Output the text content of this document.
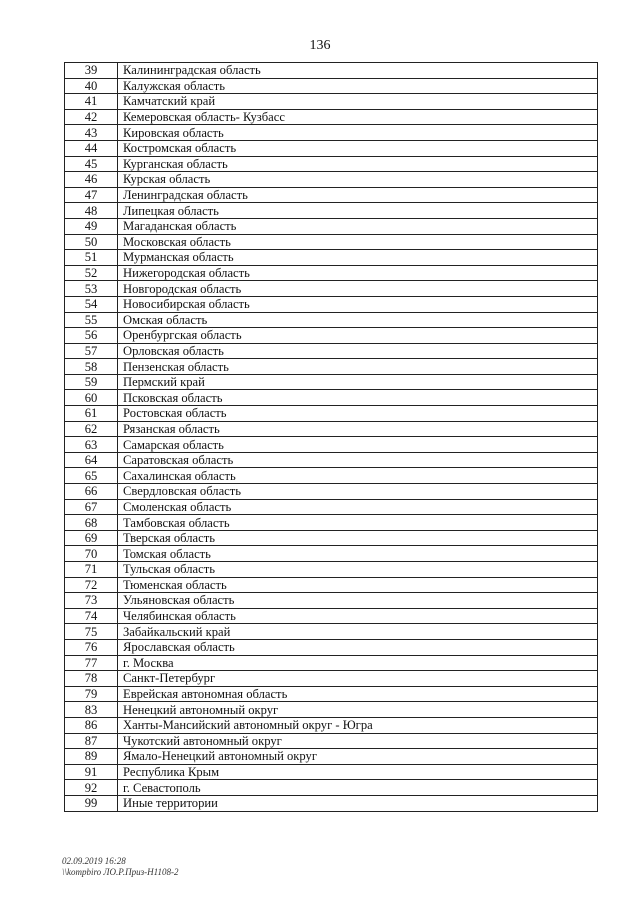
136
39	Калининградская область
40	Калужская область
41	Камчатский край
42	Кемеровская область- Кузбасс
43	Кировская область
44	Костромская область
45	Курганская область
46	Курская область
47	Ленинградская область
48	Липецкая область
49	Магаданская область
50	Московская область
51	Мурманская область
52	Нижегородская область
53	Новгородская область
54	Новосибирская область
55	Омская область
56	Оренбургская область
57	Орловская область
58	Пензенская область
59	Пермский край
60	Псковская область
61	Ростовская область
62	Рязанская область
63	Самарская область
64	Саратовская область
65	Сахалинская область
66	Свердловская область
67	Смоленская область
68	Тамбовская область
69	Тверская область
70	Томская область
71	Тульская область
72	Тюменская область
73	Ульяновская область
74	Челябинская область
75	Забайкальский край
76	Ярославская область
77	г. Москва
78	Санкт-Петербург
79	Еврейская автономная область
83	Ненецкий автономный округ
86	Ханты-Мансийский автономный округ - Югра
87	Чукотский автономный округ
89	Ямало-Ненецкий автономный округ
91	Республика Крым
92	г. Севастополь
99	Иные территории
02.09.2019 16:28
\\kompbiro ЛО.Р.Приз-Н1108-2
